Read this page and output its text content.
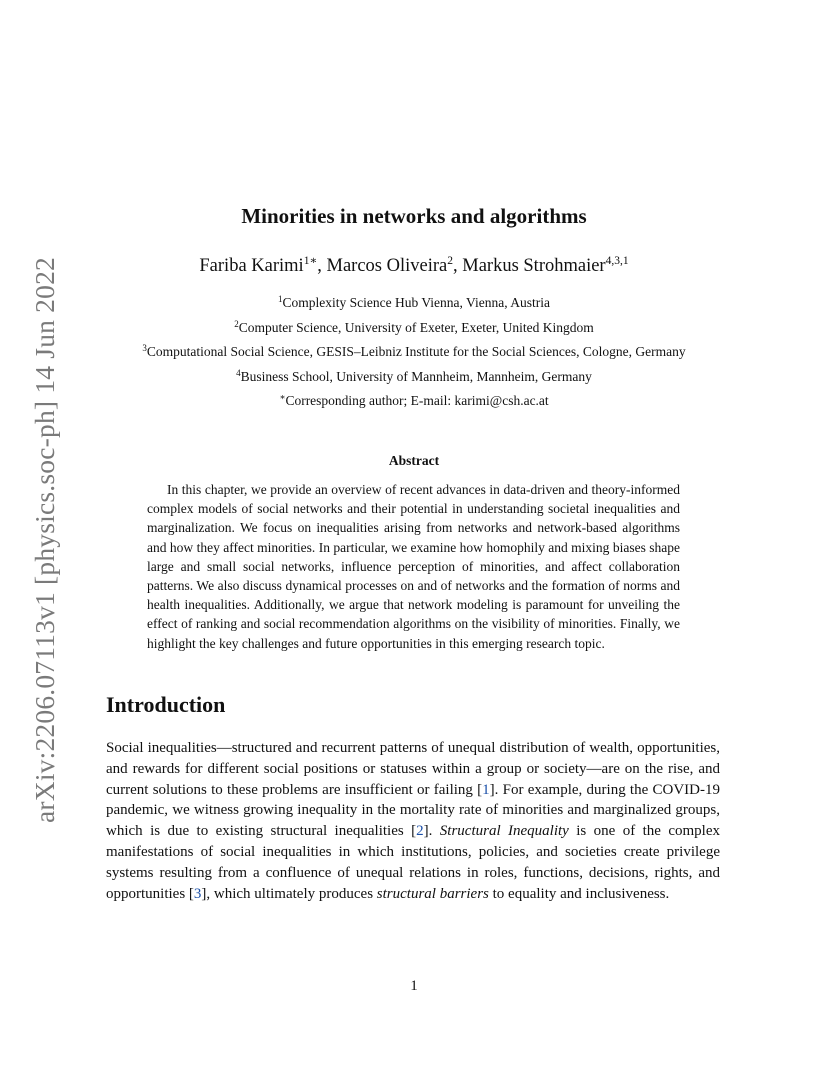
arXiv:2206.07113v1 [physics.soc-ph] 14 Jun 2022
Minorities in networks and algorithms
Fariba Karimi$^{1∗}$, Marcos Oliveira$^2$, Markus Strohmaier$^{4,3,1}$
$^1$Complexity Science Hub Vienna, Vienna, Austria
$^2$Computer Science, University of Exeter, Exeter, United Kingdom
$^3$Computational Social Science, GESIS–Leibniz Institute for the Social Sciences, Cologne, Germany
$^4$Business School, University of Mannheim, Mannheim, Germany
∗Corresponding author; E-mail: karimi@csh.ac.at
Abstract

In this chapter, we provide an overview of recent advances in data-driven and theory-informed complex models of social networks and their potential in understanding societal inequalities and marginalization. We focus on inequalities arising from networks and network-based algorithms and how they affect minorities. In particular, we examine how homophily and mixing biases shape large and small social networks, influence perception of minorities, and affect collaboration patterns. We also discuss dynamical processes on and of networks and the formation of norms and health inequalities. Additionally, we argue that network modeling is paramount for unveiling the effect of ranking and social recommendation algorithms on the visibility of minorities. Finally, we highlight the key challenges and future opportunities in this emerging research topic.

Introduction

Social inequalities—structured and recurrent patterns of unequal distribution of wealth, opportunities, and rewards for different social positions or statuses within a group or society—are on the rise, and current solutions to these problems are insufficient or failing [1]. For example, during the COVID-19 pandemic, we witness growing inequality in the mortality rate of minorities and marginalized groups, which is due to existing structural inequalities [2]. Structural Inequality is one of the complex manifestations of social inequalities in which institutions, policies, and societies create privilege systems resulting from a confluence of unequal relations in roles, functions, decisions, rights, and opportunities [3], which ultimately produces structural barriers to equality and inclusiveness.

1
